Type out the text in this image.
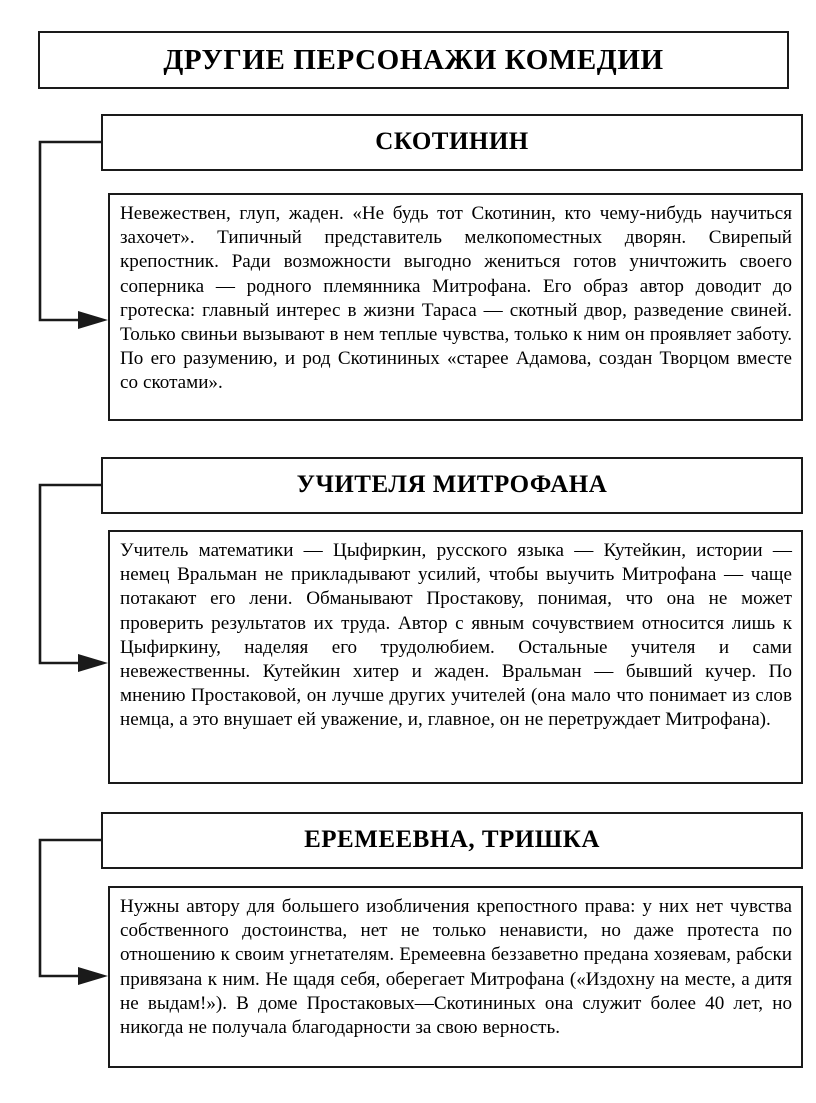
ДРУГИЕ ПЕРСОНАЖИ КОМЕДИИ
СКОТИНИН
Невежествен, глуп, жаден. «Не будь тот Скотинин, кто чему-нибудь научиться захочет». Типичный представитель мелкопоместных дворян. Свирепый крепостник. Ради возможности выгодно жениться готов уничтожить своего соперника — родного племянника Митрофана. Его образ автор доводит до гротеска: главный интерес в жизни Тараса — скотный двор, разведение свиней. Только свиньи вызывают в нем теплые чувства, только к ним он проявляет заботу. По его разумению, и род Скотининых «старее Адамова, создан Творцом вместе со скотами».
УЧИТЕЛЯ МИТРОФАНА
Учитель математики — Цыфиркин, русского языка — Кутейкин, истории — немец Вральман не прикладывают усилий, чтобы выучить Митрофана — чаще потакают его лени. Обманывают Простакову, понимая, что она не может проверить результатов их труда. Автор с явным сочувствием относится лишь к Цыфиркину, наделяя его трудолюбием. Остальные учителя и сами невежественны. Кутейкин хитер и жаден. Вральман — бывший кучер. По мнению Простаковой, он лучше других учителей (она мало что понимает из слов немца, а это внушает ей уважение, и, главное, он не перетруждает Митрофана).
ЕРЕМЕЕВНА, ТРИШКА
Нужны автору для большего изобличения крепостного права: у них нет чувства собственного достоинства, нет не только ненависти, но даже протеста по отношению к своим угнетателям. Еремеевна беззаветно предана хозяевам, рабски привязана к ним. Не щадя себя, оберегает Митрофана («Издохну на месте, а дитя не выдам!»). В доме Простаковых—Скотининых она служит более 40 лет, но никогда не получала благодарности за свою верность.
